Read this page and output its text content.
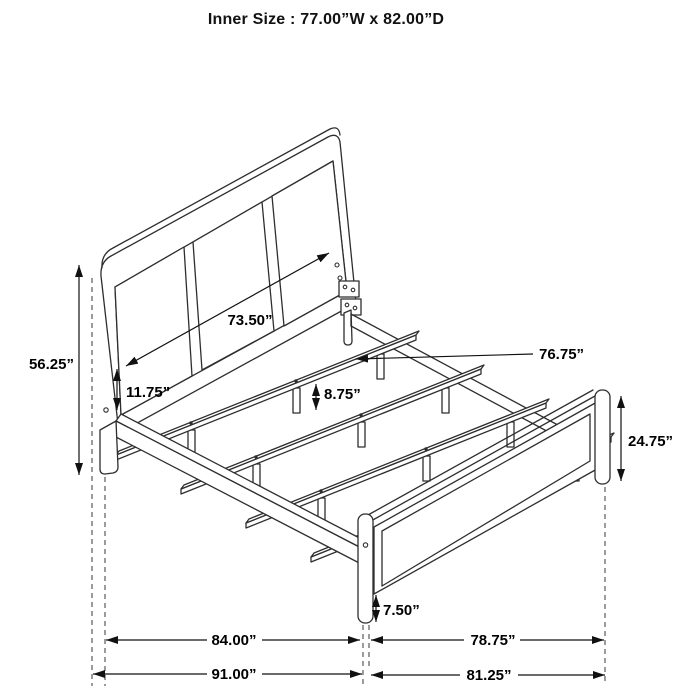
Inner Size : 77.00”W x 82.00”D
56.25”
73.50”
11.75”	8.75”
76.75”
24.75”
7.50”
84.00”	78.75”
91.00”	81.25”
